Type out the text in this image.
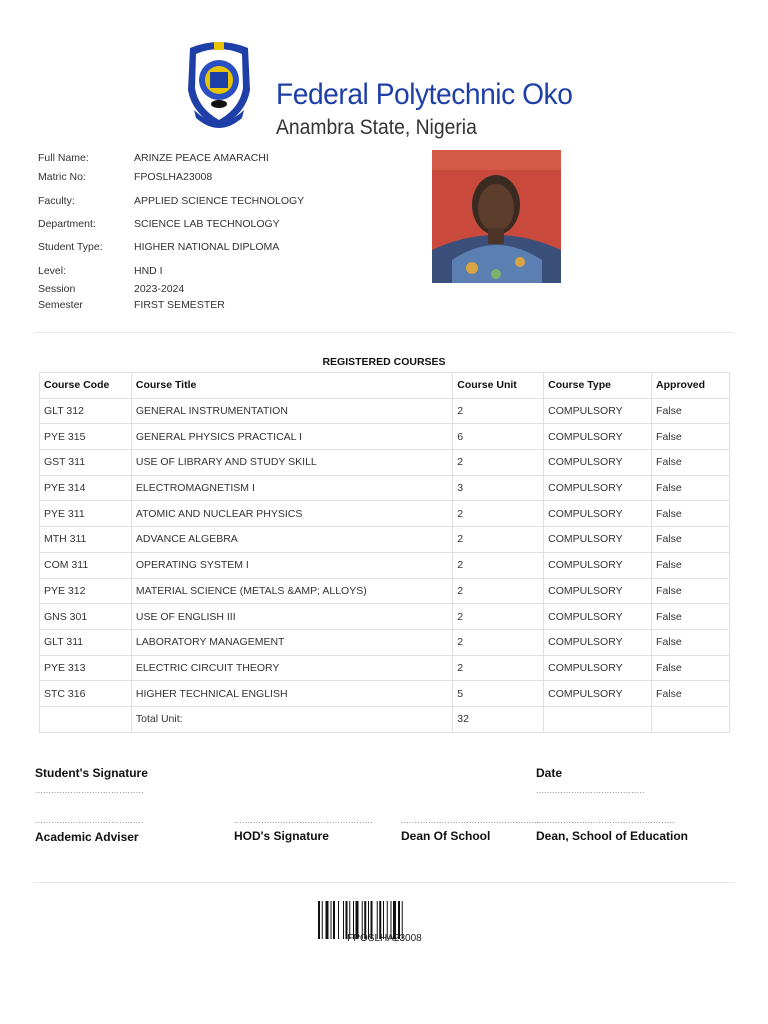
Federal Polytechnic Oko
Anambra State, Nigeria
Full Name:	ARINZE PEACE AMARACHI
Matric No:	FPOSLHA23008
Faculty:	APPLIED SCIENCE TECHNOLOGY
Department:	SCIENCE LAB TECHNOLOGY
Student Type:	HIGHER NATIONAL DIPLOMA
Level:	HND I
Session	2023-2024
Semester	FIRST SEMESTER
REGISTERED COURSES
Course Code	Course Title	Course Unit	Course Type	Approved
GLT 312	GENERAL INSTRUMENTATION	2	COMPULSORY	False
PYE 315	GENERAL PHYSICS PRACTICAL I	6	COMPULSORY	False
GST 311	USE OF LIBRARY AND STUDY SKILL	2	COMPULSORY	False
PYE 314	ELECTROMAGNETISM I	3	COMPULSORY	False
PYE 311	ATOMIC AND NUCLEAR PHYSICS	2	COMPULSORY	False
MTH 311	ADVANCE ALGEBRA	2	COMPULSORY	False
COM 311	OPERATING SYSTEM I	2	COMPULSORY	False
PYE 312	MATERIAL SCIENCE (METALS &AMP; ALLOYS)	2	COMPULSORY	False
GNS 301	USE OF ENGLISH III	2	COMPULSORY	False
GLT 311	LABORATORY MANAGEMENT	2	COMPULSORY	False
PYE 313	ELECTRIC CIRCUIT THEORY	2	COMPULSORY	False
STC 316	HIGHER TECHNICAL ENGLISH	5	COMPULSORY	False
	Total Unit:	32		
Student's Signature
........................................
Date
........................................
........................................
Academic Adviser
...................................................
HOD's Signature
...................................................
Dean Of School
...................................................
Dean, School of Education
FPOSLHA23008
